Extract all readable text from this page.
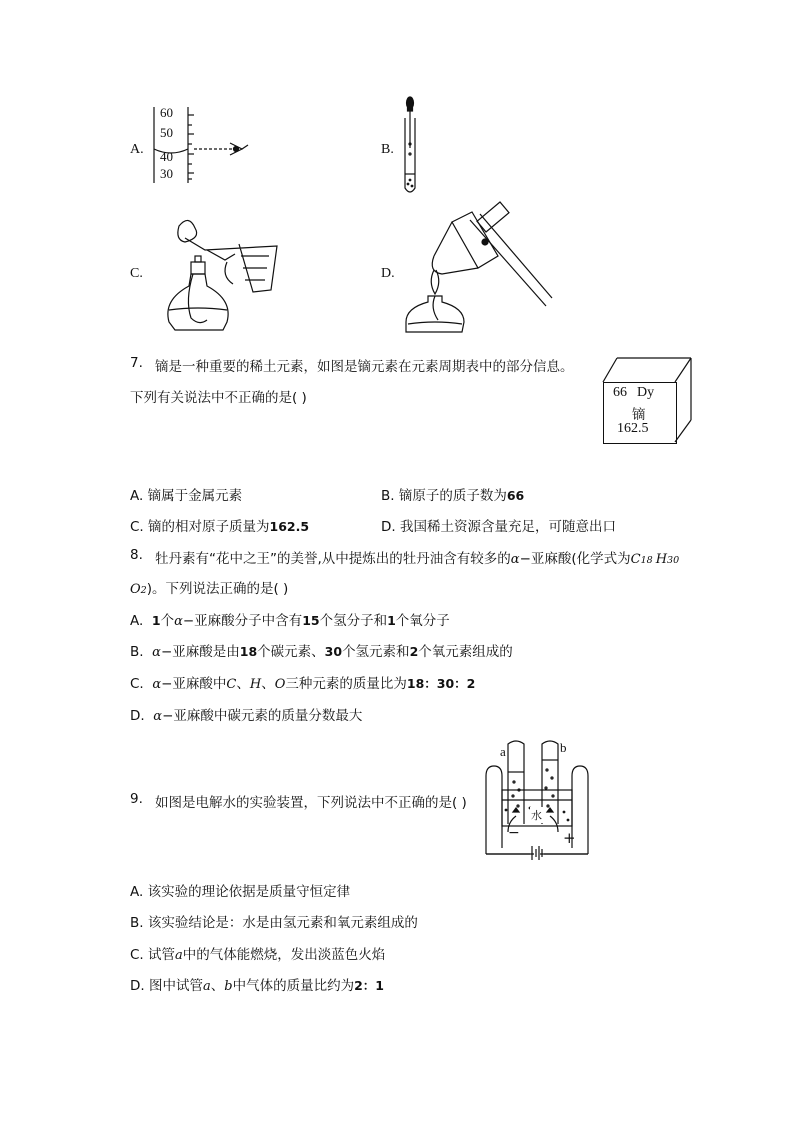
A.
60
50
40
30
B.
C.	D.
7. 镝是一种重要的稀土元素，如图是镝元素在元素周期表中的部分信息。
下列有关说法中不正确的是( )	66 Dy
镝
162.5
A. 镝属于金属元素	B. 镝原子的质子数为66
C. 镝的相对原子质量为162.5	D. 我国稀土资源含量充足，可随意出口
8. 牡丹素有“花中之王”的美誉,从中提炼出的牡丹油含有较多的α−亚麻酸(化学式为C18 H30
O2)。下列说法正确的是( )
A. 1个α−亚麻酸分子中含有15个氢分子和1个氧分子
B. α−亚麻酸是由18个碳元素、30个氢元素和2个氧元素组成的
C. α−亚麻酸中C、H、O三种元素的质量比为18：30：2
D. α−亚麻酸中碳元素的质量分数最大
9. 如图是电解水的实验装置，下列说法中不正确的是( )
a	b
水
−	+
A. 该实验的理论依据是质量守恒定律
B. 该实验结论是：水是由氢元素和氧元素组成的
C. 试管a中的气体能燃烧，发出淡蓝色火焰
D. 图中试管a、b中气体的质量比约为2：1
